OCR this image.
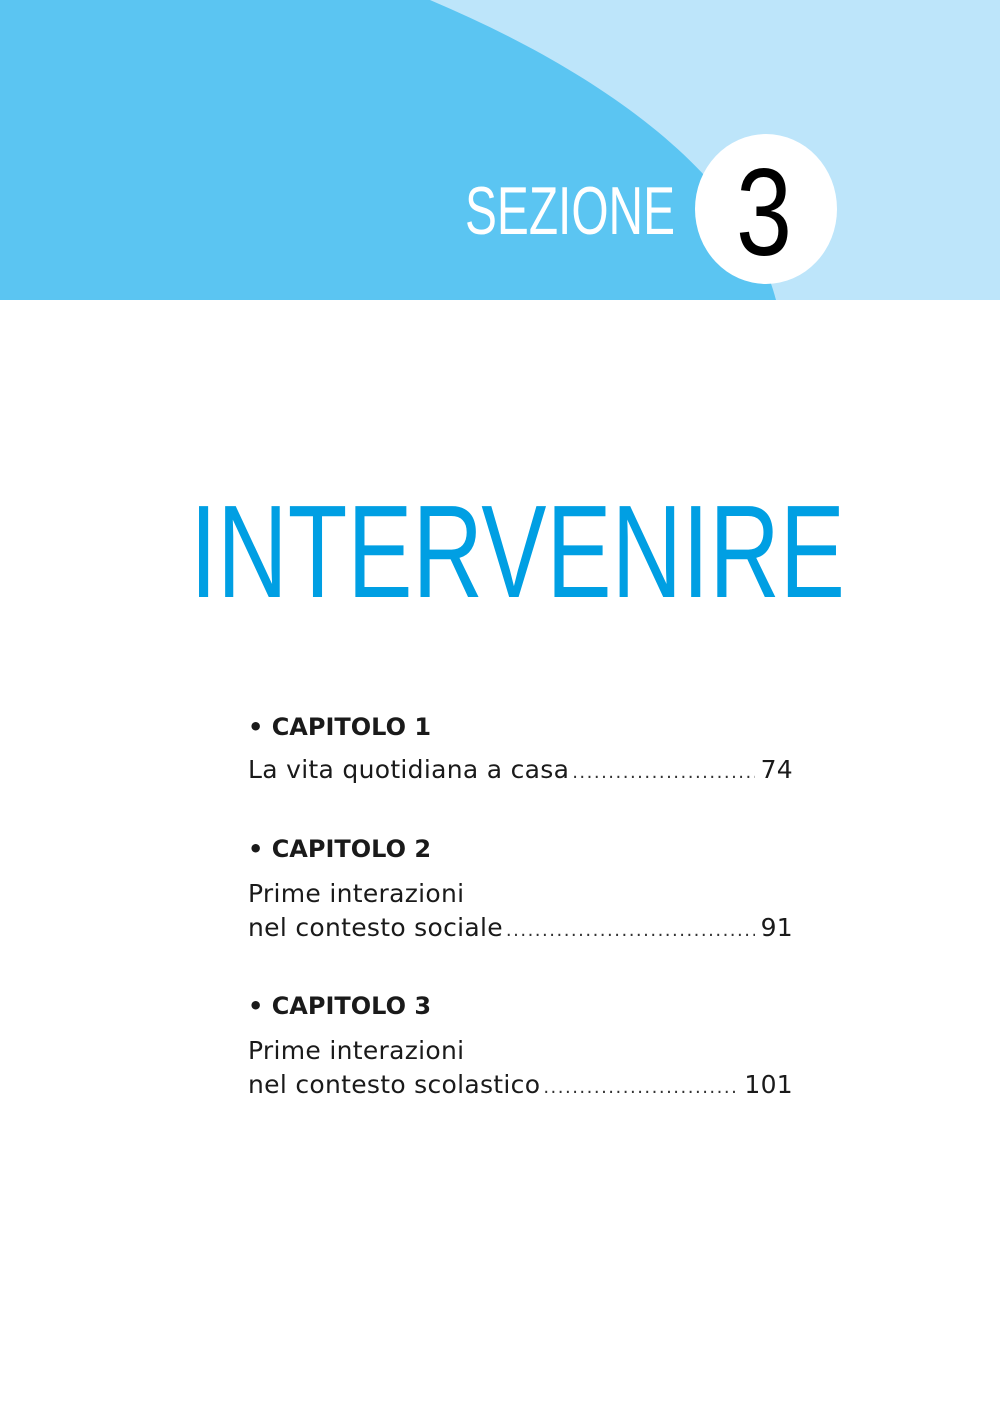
SEZIONE 3
INTERVENIRE
• CAPITOLO 1
La vita quotidiana a casa .....	74
• CAPITOLO 2
Prime interazioni
nel contesto sociale .....	91
• CAPITOLO 3
Prime interazioni
nel contesto scolastico .....	101
